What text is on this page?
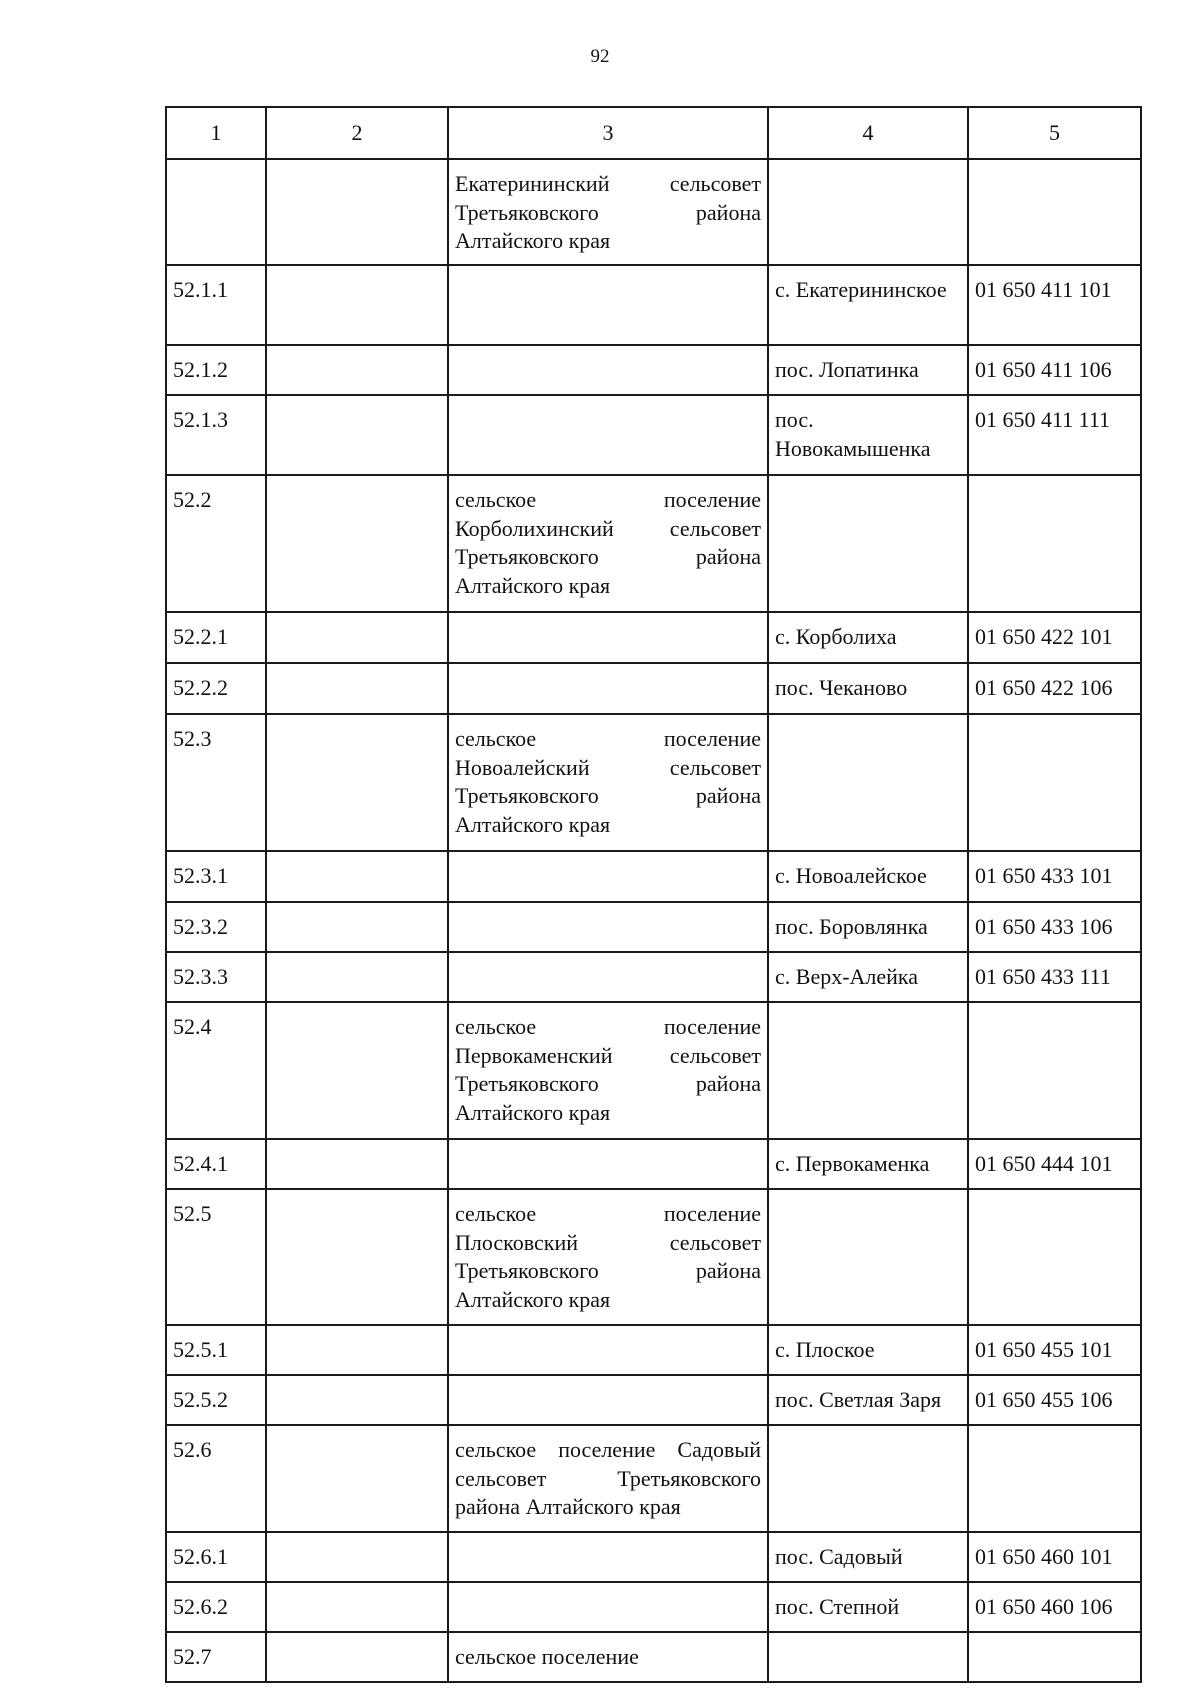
92
1	2	3	4	5
		Екатерининский сельсовет Третьяковского района Алтайского края		
52.1.1			с. Екатерининское	01 650 411 101
52.1.2			пос. Лопатинка	01 650 411 106
52.1.3			пос. Новокамышенка	01 650 411 111
52.2		сельское поселение Корболихинский сельсовет Третьяковского района Алтайского края		
52.2.1			с. Корболиха	01 650 422 101
52.2.2			пос. Чеканово	01 650 422 106
52.3		сельское поселение Новоалейский сельсовет Третьяковского района Алтайского края		
52.3.1			с. Новоалейское	01 650 433 101
52.3.2			пос. Боровлянка	01 650 433 106
52.3.3			с. Верх-Алейка	01 650 433 111
52.4		сельское поселение Первокаменский сельсовет Третьяковского района Алтайского края		
52.4.1			с. Первокаменка	01 650 444 101
52.5		сельское поселение Плосковский сельсовет Третьяковского района Алтайского края		
52.5.1			с. Плоское	01 650 455 101
52.5.2			пос. Светлая Заря	01 650 455 106
52.6		сельское поселение Садовый сельсовет Третьяковского района Алтайского края		
52.6.1			пос. Садовый	01 650 460 101
52.6.2			пос. Степной	01 650 460 106
52.7		сельское поселение		
